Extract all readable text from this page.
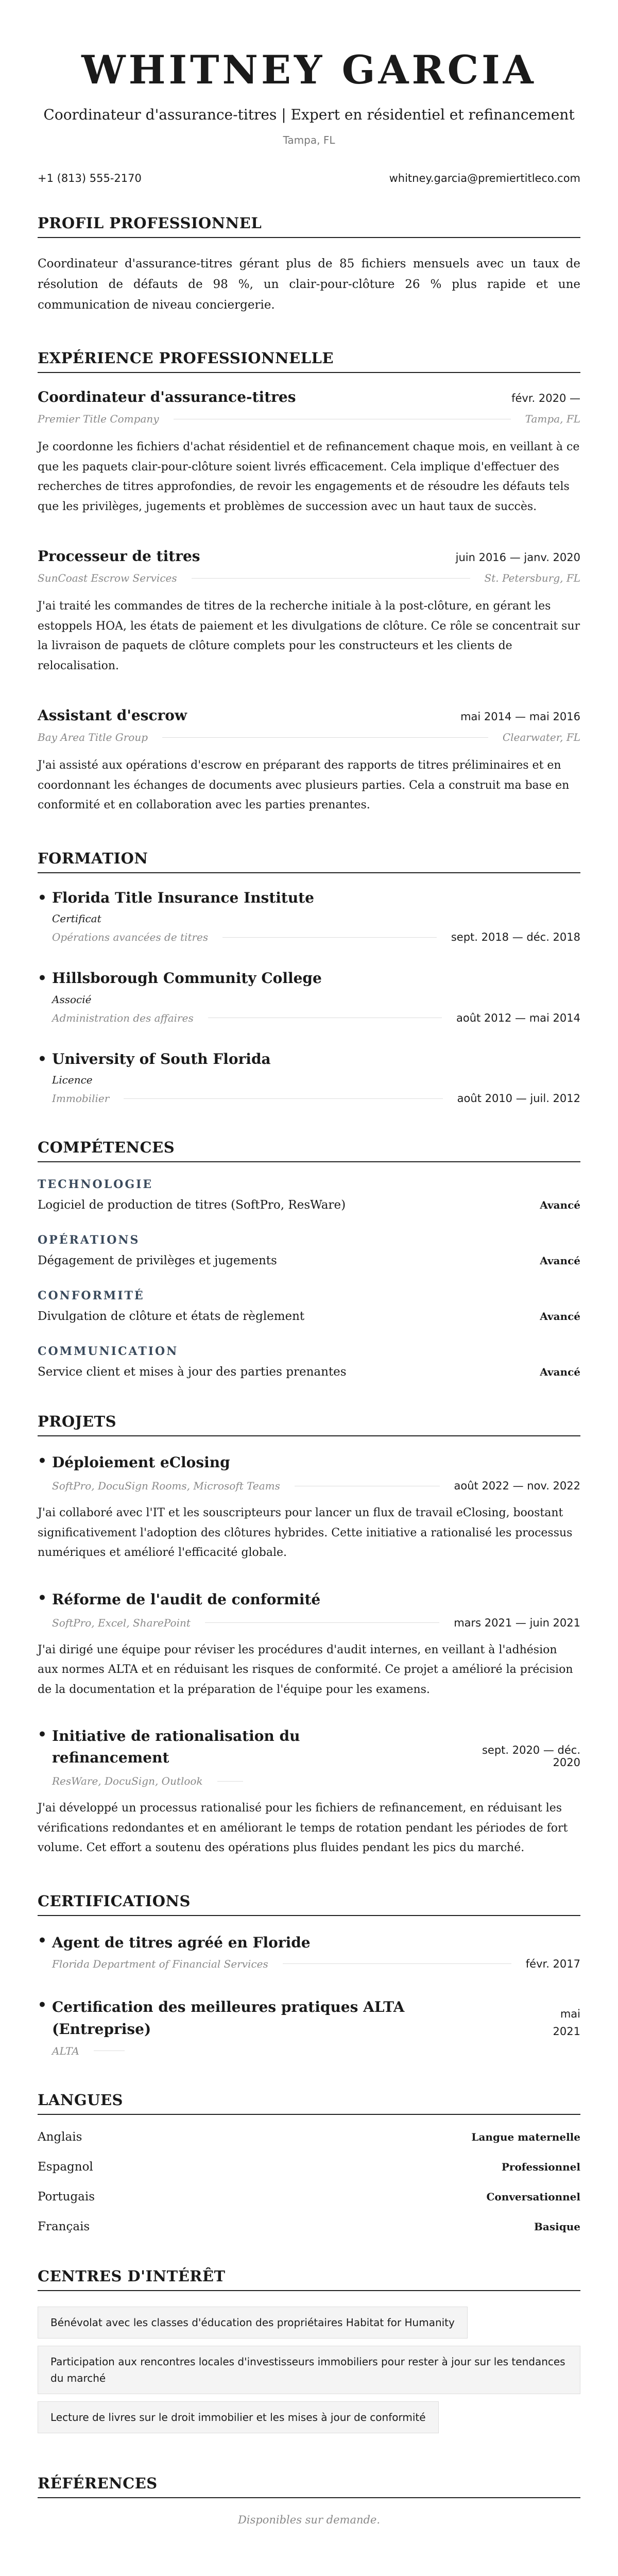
WHITNEY GARCIA
Coordinateur d'assurance-titres | Expert en résidentiel et refinancement
Tampa, FL
+1 (813) 555-2170	whitney.garcia@premiertitleco.com
PROFIL PROFESSIONNEL
Coordinateur d'assurance-titres gérant plus de 85 fichiers mensuels avec un taux de résolution de défauts de 98 %, un clair-pour-clôture 26 % plus rapide et une communication de niveau conciergerie.
EXPÉRIENCE PROFESSIONNELLE
Coordinateur d'assurance-titres	févr. 2020 —
Premier Title Company	Tampa, FL
Je coordonne les fichiers d'achat résidentiel et de refinancement chaque mois, en veillant à ce que les paquets clair-pour-clôture soient livrés efficacement. Cela implique d'effectuer des recherches de titres approfondies, de revoir les engagements et de résoudre les défauts tels que les privilèges, jugements et problèmes de succession avec un haut taux de succès.
Processeur de titres	juin 2016 — janv. 2020
SunCoast Escrow Services	St. Petersburg, FL
J'ai traité les commandes de titres de la recherche initiale à la post-clôture, en gérant les estoppels HOA, les états de paiement et les divulgations de clôture. Ce rôle se concentrait sur la livraison de paquets de clôture complets pour les constructeurs et les clients de relocalisation.
Assistant d'escrow	mai 2014 — mai 2016
Bay Area Title Group	Clearwater, FL
J'ai assisté aux opérations d'escrow en préparant des rapports de titres préliminaires et en coordonnant les échanges de documents avec plusieurs parties. Cela a construit ma base en conformité et en collaboration avec les parties prenantes.
FORMATION
• Florida Title Insurance Institute
Certificat
Opérations avancées de titres	sept. 2018 — déc. 2018
• Hillsborough Community College
Associé
Administration des affaires	août 2012 — mai 2014
• University of South Florida
Licence
Immobilier	août 2010 — juil. 2012
COMPÉTENCES
TECHNOLOGIE
Logiciel de production de titres (SoftPro, ResWare)	Avancé
OPÉRATIONS
Dégagement de privilèges et jugements	Avancé
CONFORMITÉ
Divulgation de clôture et états de règlement	Avancé
COMMUNICATION
Service client et mises à jour des parties prenantes	Avancé
PROJETS
• Déploiement eClosing
SoftPro, DocuSign Rooms, Microsoft Teams	août 2022 — nov. 2022
J'ai collaboré avec l'IT et les souscripteurs pour lancer un flux de travail eClosing, boostant significativement l'adoption des clôtures hybrides. Cette initiative a rationalisé les processus numériques et amélioré l'efficacité globale.
• Réforme de l'audit de conformité
SoftPro, Excel, SharePoint	mars 2021 — juin 2021
J'ai dirigé une équipe pour réviser les procédures d'audit internes, en veillant à l'adhésion aux normes ALTA et en réduisant les risques de conformité. Ce projet a amélioré la précision de la documentation et la préparation de l'équipe pour les examens.
• Initiative de rationalisation du refinancement	sept. 2020 — déc. 2020
ResWare, DocuSign, Outlook
J'ai développé un processus rationalisé pour les fichiers de refinancement, en réduisant les vérifications redondantes et en améliorant le temps de rotation pendant les périodes de fort volume. Cet effort a soutenu des opérations plus fluides pendant les pics du marché.
CERTIFICATIONS
• Agent de titres agréé en Floride
Florida Department of Financial Services	févr. 2017
• Certification des meilleures pratiques ALTA (Entreprise)
mai 2021
ALTA
LANGUES
Anglais	Langue maternelle
Espagnol	Professionnel
Portugais	Conversationnel
Français	Basique
CENTRES D'INTÉRÊT
Bénévolat avec les classes d'éducation des propriétaires Habitat for Humanity
Participation aux rencontres locales d'investisseurs immobiliers pour rester à jour sur les tendances du marché
Lecture de livres sur le droit immobilier et les mises à jour de conformité
RÉFÉRENCES
Disponibles sur demande.
